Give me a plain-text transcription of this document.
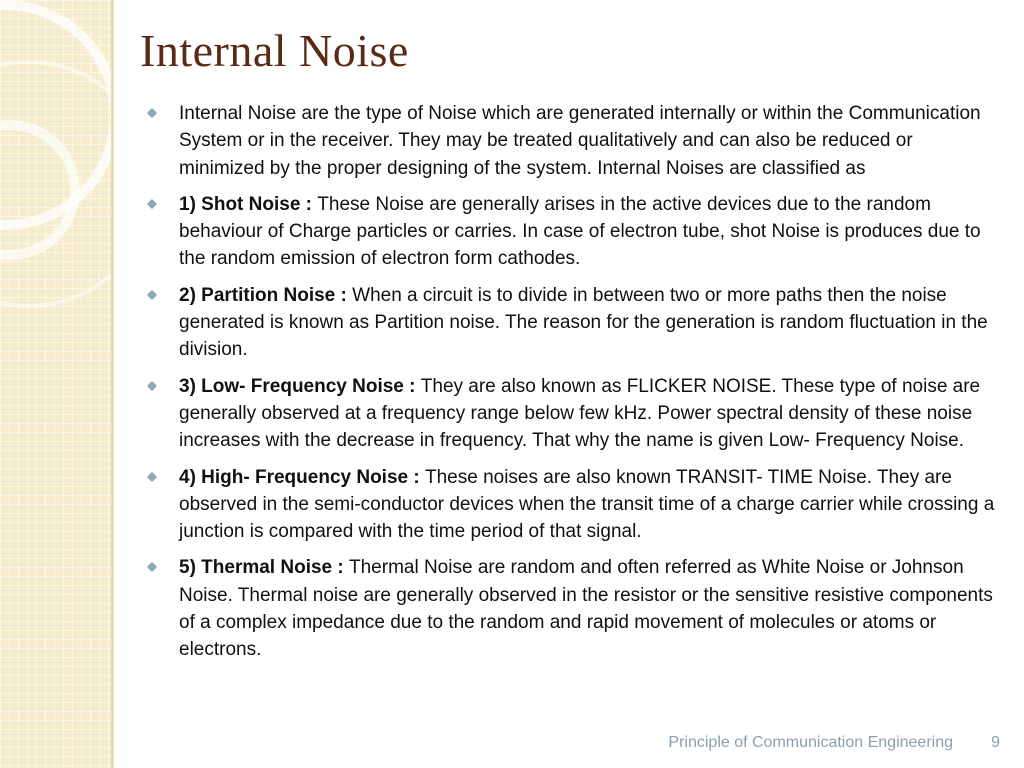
Internal Noise
Internal Noise are the type of Noise which are generated internally or within the Communication System or in the receiver. They may be treated qualitatively and can also be reduced or minimized by the proper designing of the system. Internal Noises are classified as
1) Shot Noise : These Noise are generally arises in the active devices due to the random behaviour of Charge particles or carries. In case of electron tube, shot Noise is produces due to the random emission of electron form cathodes.
2) Partition Noise : When a circuit is to divide in between two or more paths then the noise generated is known as Partition noise. The reason for the generation is random fluctuation in the division.
3) Low- Frequency Noise : They are also known as FLICKER NOISE. These type of noise are generally observed at a frequency range below few kHz. Power spectral density of these noise increases with the decrease in frequency. That why the name is given Low- Frequency Noise.
4) High- Frequency Noise : These noises are also known TRANSIT- TIME Noise. They are observed in the semi-conductor devices when the transit time of a charge carrier while crossing a junction is compared with the time period of that signal.
5) Thermal Noise : Thermal Noise are random and often referred as White Noise or Johnson Noise. Thermal noise are generally observed in the resistor or the sensitive resistive components of a complex impedance due to the random and rapid movement of molecules or atoms or electrons.
Principle of Communication Engineering 9
